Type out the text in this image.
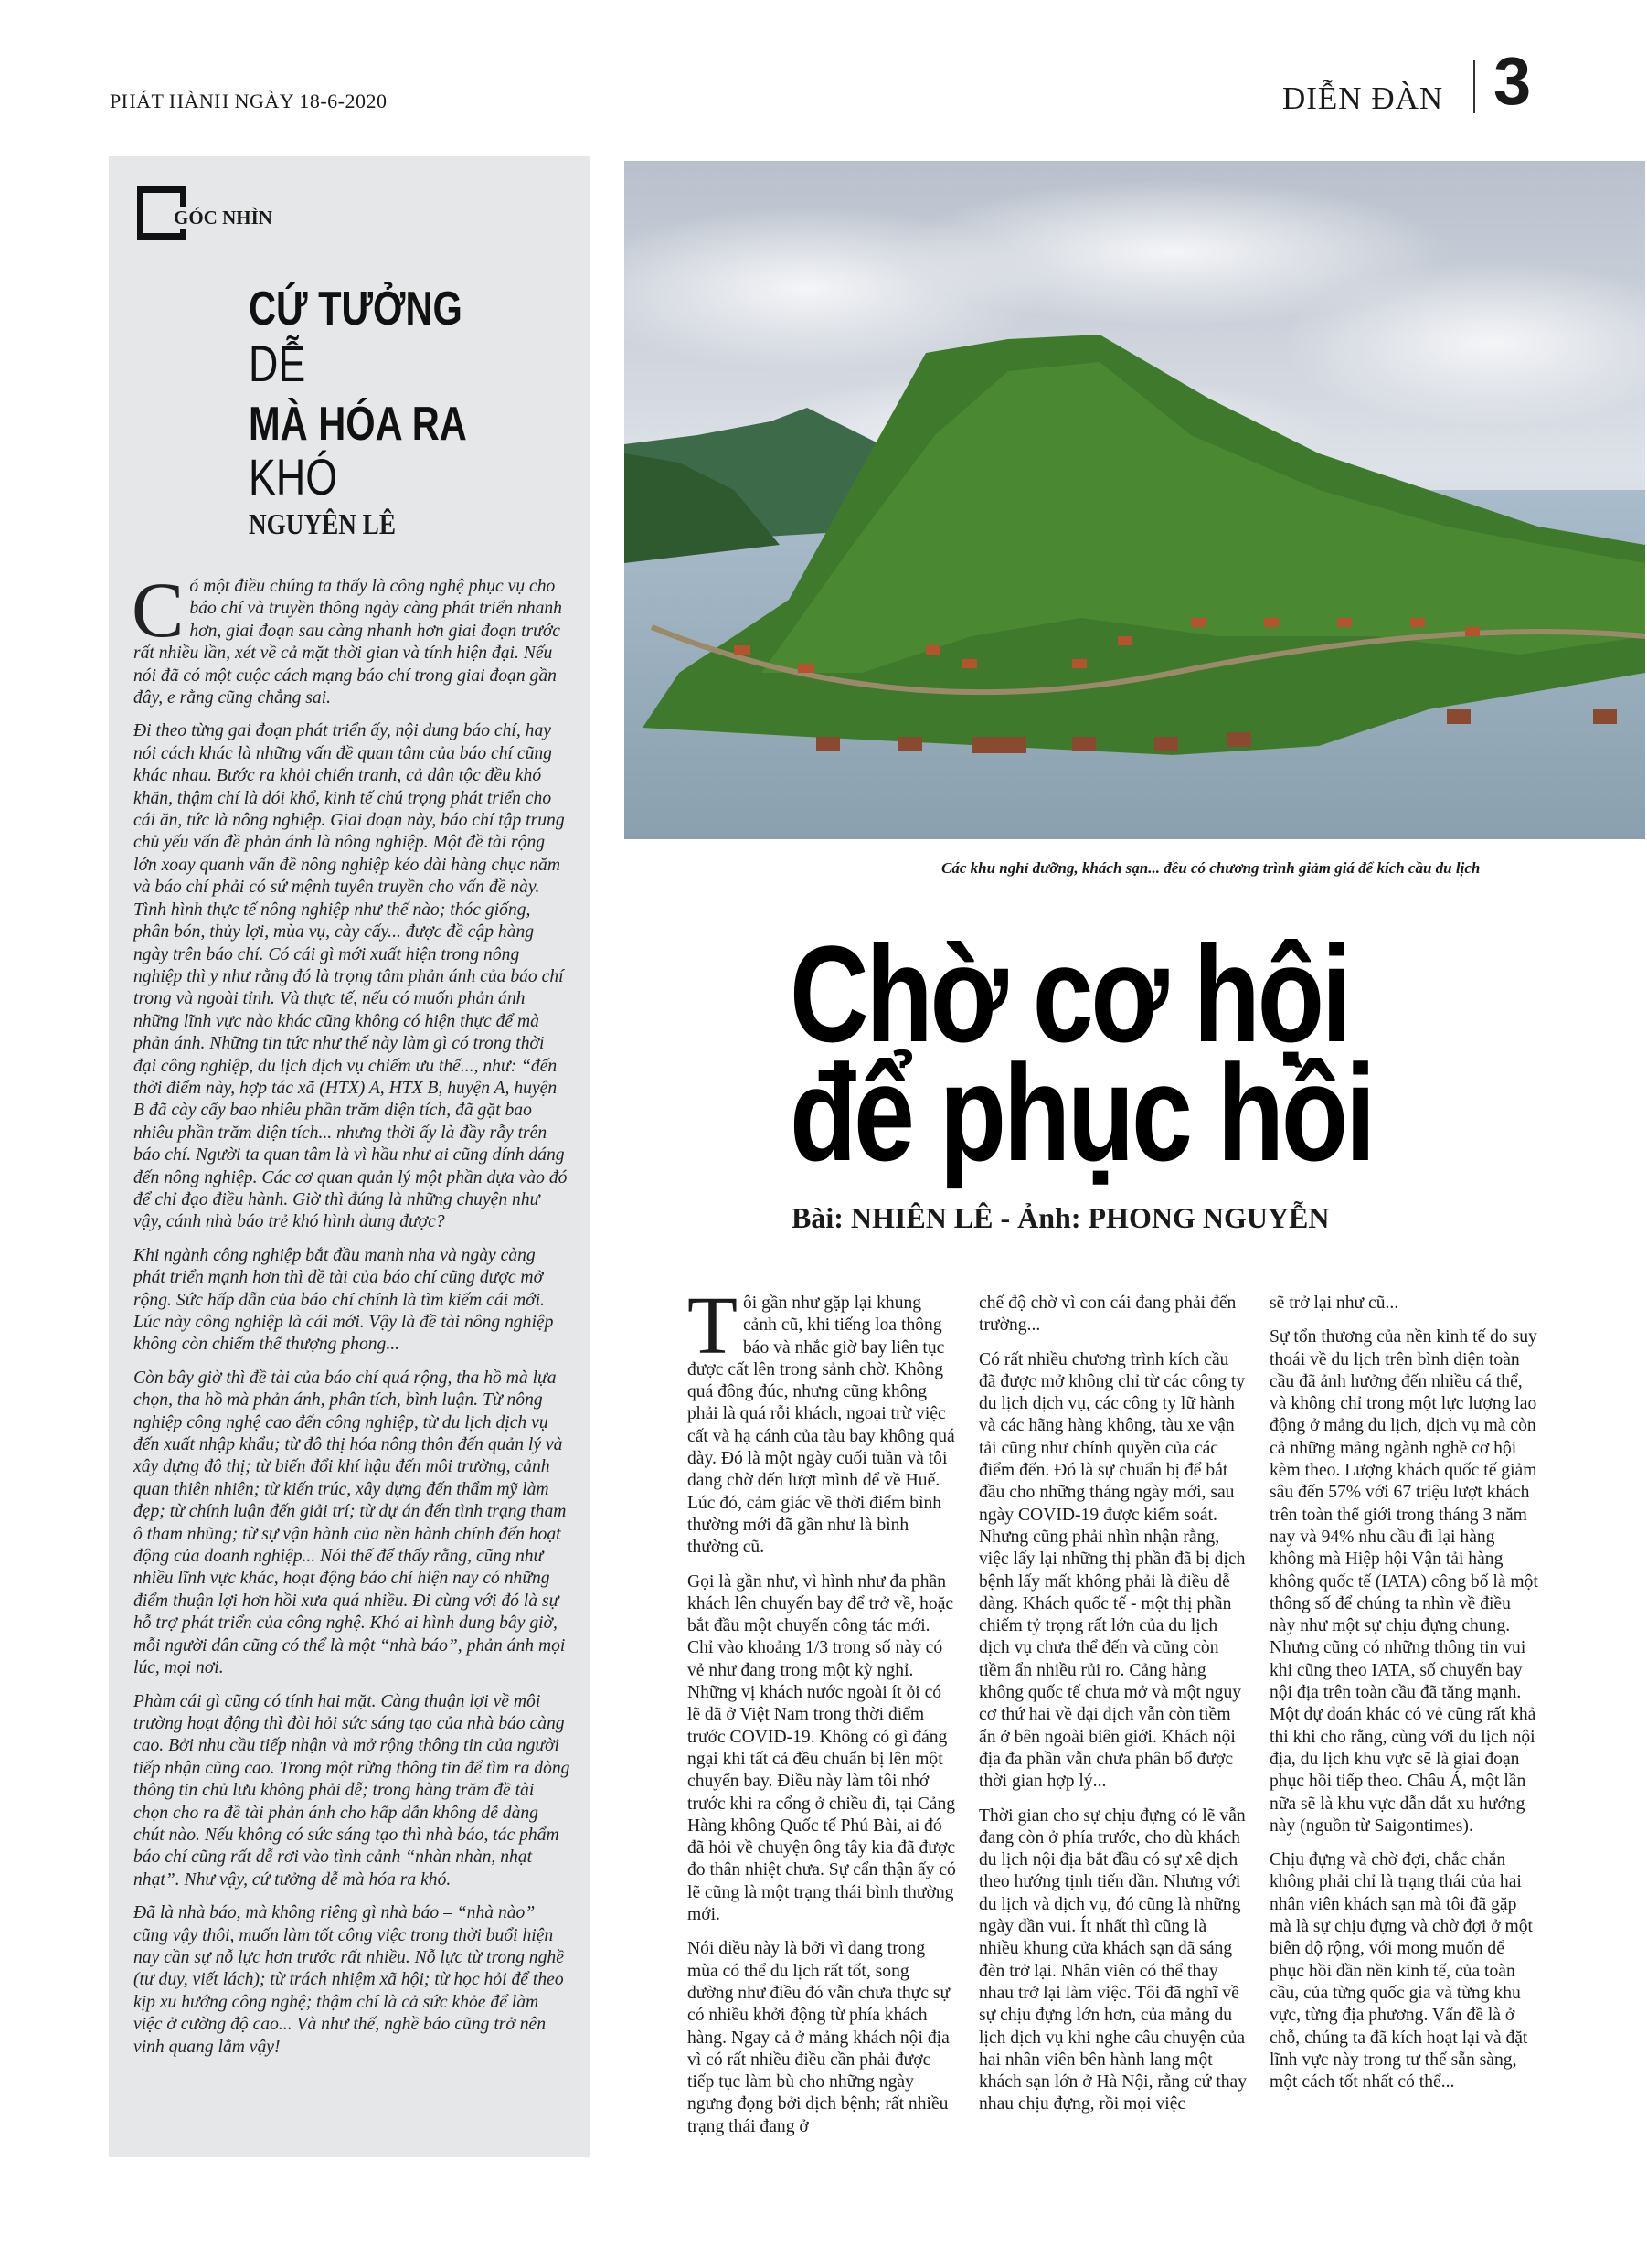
PHÁT HÀNH NGÀY 18-6-2020	DIỄN ĐÀN 3
GÓC NHÌN
CỨ TƯỞNG
DỄ
MÀ HÓA RA
KHÓ
NGUYÊN LÊ

Có một điều chúng ta thấy là công nghệ phục vụ cho báo chí và truyền thông ngày càng phát triển nhanh hơn, giai đoạn sau càng nhanh hơn giai đoạn trước rất nhiều lần, xét về cả mặt thời gian và tính hiện đại. Nếu nói đã có một cuộc cách mạng báo chí trong giai đoạn gần đây, e rằng cũng chẳng sai.

Đi theo từng gai đoạn phát triển ấy, nội dung báo chí, hay nói cách khác là những vấn đề quan tâm của báo chí cũng khác nhau. Bước ra khỏi chiến tranh, cả dân tộc đều khó khăn, thậm chí là đói khổ, kinh tế chú trọng phát triển cho cái ăn, tức là nông nghiệp. Giai đoạn này, báo chí tập trung chủ yếu vấn đề phản ánh là nông nghiệp. Một đề tài rộng lớn xoay quanh vấn đề nông nghiệp kéo dài hàng chục năm và báo chí phải có sứ mệnh tuyên truyền cho vấn đề này. Tình hình thực tế nông nghiệp như thế nào; thóc giống, phân bón, thủy lợi, mùa vụ, cày cấy... được đề cập hàng ngày trên báo chí. Có cái gì mới xuất hiện trong nông nghiệp thì y như rằng đó là trọng tâm phản ánh của báo chí trong và ngoài tỉnh. Và thực tế, nếu có muốn phản ánh những lĩnh vực nào khác cũng không có hiện thực để mà phản ánh. Những tin tức như thế này làm gì có trong thời đại công nghiệp, du lịch dịch vụ chiếm ưu thế..., như: “đến thời điểm này, hợp tác xã (HTX) A, HTX B, huyện A, huyện B đã cày cấy bao nhiêu phần trăm diện tích, đã gặt bao nhiêu phần trăm diện tích... nhưng thời ấy là đầy rẫy trên báo chí. Người ta quan tâm là vì hầu như ai cũng dính dáng đến nông nghiệp. Các cơ quan quản lý một phần dựa vào đó để chỉ đạo điều hành. Giờ thì đúng là những chuyện như vậy, cánh nhà báo trẻ khó hình dung được?

Khi ngành công nghiệp bắt đầu manh nha và ngày càng phát triển mạnh hơn thì đề tài của báo chí cũng được mở rộng. Sức hấp dẫn của báo chí chính là tìm kiếm cái mới. Lúc này công nghiệp là cái mới. Vậy là đề tài nông nghiệp không còn chiếm thế thượng phong...

Còn bây giờ thì đề tài của báo chí quá rộng, tha hồ mà lựa chọn, tha hồ mà phản ánh, phân tích, bình luận. Từ nông nghiệp công nghệ cao đến công nghiệp, từ du lịch dịch vụ đến xuất nhập khẩu; từ đô thị hóa nông thôn đến quản lý và xây dựng đô thị; từ biến đổi khí hậu đến môi trường, cảnh quan thiên nhiên; từ kiến trúc, xây dựng đến thẩm mỹ làm đẹp; từ chính luận đến giải trí; từ dự án đến tình trạng tham ô tham nhũng; từ sự vận hành của nền hành chính đến hoạt động của doanh nghiệp... Nói thế để thấy rằng, cũng như nhiều lĩnh vực khác, hoạt động báo chí hiện nay có những điểm thuận lợi hơn hồi xưa quá nhiều. Đi cùng với đó là sự hỗ trợ phát triển của công nghệ. Khó ai hình dung bây giờ, mỗi người dân cũng có thể là một “nhà báo”, phản ánh mọi lúc, mọi nơi.

Phàm cái gì cũng có tính hai mặt. Càng thuận lợi về môi trường hoạt động thì đòi hỏi sức sáng tạo của nhà báo càng cao. Bởi nhu cầu tiếp nhận và mở rộng thông tin của người tiếp nhận cũng cao. Trong một rừng thông tin để tìm ra dòng thông tin chủ lưu không phải dễ; trong hàng trăm đề tài chọn cho ra đề tài phản ánh cho hấp dẫn không dễ dàng chút nào. Nếu không có sức sáng tạo thì nhà báo, tác phẩm báo chí cũng rất dễ rơi vào tình cảnh “nhàn nhàn, nhạt nhạt”. Như vậy, cứ tưởng dễ mà hóa ra khó.

Đã là nhà báo, mà không riêng gì nhà báo – “nhà nào” cũng vậy thôi, muốn làm tốt công việc trong thời buổi hiện nay cần sự nỗ lực hơn trước rất nhiều. Nỗ lực từ trong nghề (tư duy, viết lách); từ trách nhiệm xã hội; từ học hỏi để theo kịp xu hướng công nghệ; thậm chí là cả sức khỏe để làm việc ở cường độ cao... Và như thế, nghề báo cũng trở nên vinh quang lắm vậy!

Các khu nghỉ dưỡng, khách sạn... đều có chương trình giảm giá để kích cầu du lịch
Chờ cơ hội
để phục hồi
Bài: NHIÊN LÊ - Ảnh: PHONG NGUYỄN

Tôi gần như gặp lại khung cảnh cũ, khi tiếng loa thông báo và nhắc giờ bay liên tục được cất lên trong sảnh chờ. Không quá đông đúc, nhưng cũng không phải là quá rỗi khách, ngoại trừ việc cất và hạ cánh của tàu bay không quá dày. Đó là một ngày cuối tuần và tôi đang chờ đến lượt mình để về Huế. Lúc đó, cảm giác về thời điểm bình thường mới đã gần như là bình thường cũ.

Gọi là gần như, vì hình như đa phần khách lên chuyến bay để trở về, hoặc bắt đầu một chuyến công tác mới. Chỉ vào khoảng 1/3 trong số này có vẻ như đang trong một kỳ nghỉ. Những vị khách nước ngoài ít ỏi có lẽ đã ở Việt Nam trong thời điểm trước COVID-19. Không có gì đáng ngại khi tất cả đều chuẩn bị lên một chuyến bay. Điều này làm tôi nhớ trước khi ra cổng ở chiều đi, tại Cảng Hàng không Quốc tế Phú Bài, ai đó đã hỏi về chuyện ông tây kia đã được đo thân nhiệt chưa. Sự cẩn thận ấy có lẽ cũng là một trạng thái bình thường mới.

Nói điều này là bởi vì đang trong mùa có thể du lịch rất tốt, song dường như điều đó vẫn chưa thực sự có nhiều khởi động từ phía khách hàng. Ngay cả ở mảng khách nội địa vì có rất nhiều điều cần phải được tiếp tục làm bù cho những ngày ngưng đọng bởi dịch bệnh; rất nhiều trạng thái đang ở

chế độ chờ vì con cái đang phải đến trường...

Có rất nhiều chương trình kích cầu đã được mở không chỉ từ các công ty du lịch dịch vụ, các công ty lữ hành và các hãng hàng không, tàu xe vận tải cũng như chính quyền của các điểm đến. Đó là sự chuẩn bị để bắt đầu cho những tháng ngày mới, sau ngày COVID-19 được kiểm soát. Nhưng cũng phải nhìn nhận rằng, việc lấy lại những thị phần đã bị dịch bệnh lấy mất không phải là điều dễ dàng. Khách quốc tế - một thị phần chiếm tỷ trọng rất lớn của du lịch dịch vụ chưa thể đến và cũng còn tiềm ẩn nhiều rủi ro. Cảng hàng không quốc tế chưa mở và một nguy cơ thứ hai về đại dịch vẫn còn tiềm ẩn ở bên ngoài biên giới. Khách nội địa đa phần vẫn chưa phân bổ được thời gian hợp lý...

Thời gian cho sự chịu đựng có lẽ vẫn đang còn ở phía trước, cho dù khách du lịch nội địa bắt đầu có sự xê dịch theo hướng tịnh tiến dần. Nhưng với du lịch và dịch vụ, đó cũng là những ngày dần vui. Ít nhất thì cũng là nhiều khung cửa khách sạn đã sáng đèn trở lại. Nhân viên có thể thay nhau trở lại làm việc. Tôi đã nghĩ về sự chịu đựng lớn hơn, của mảng du lịch dịch vụ khi nghe câu chuyện của hai nhân viên bên hành lang một khách sạn lớn ở Hà Nội, rằng cứ thay nhau chịu đựng, rồi mọi việc

sẽ trở lại như cũ...

Sự tổn thương của nền kinh tế do suy thoái về du lịch trên bình diện toàn cầu đã ảnh hưởng đến nhiều cá thể, và không chỉ trong một lực lượng lao động ở mảng du lịch, dịch vụ mà còn cả những mảng ngành nghề cơ hội kèm theo. Lượng khách quốc tế giảm sâu đến 57% với 67 triệu lượt khách trên toàn thế giới trong tháng 3 năm nay và 94% nhu cầu đi lại hàng không mà Hiệp hội Vận tải hàng không quốc tế (IATA) công bố là một thông số để chúng ta nhìn về điều này như một sự chịu đựng chung. Nhưng cũng có những thông tin vui khi cũng theo IATA, số chuyến bay nội địa trên toàn cầu đã tăng mạnh. Một dự đoán khác có vẻ cũng rất khả thi khi cho rằng, cùng với du lịch nội địa, du lịch khu vực sẽ là giai đoạn phục hồi tiếp theo. Châu Á, một lần nữa sẽ là khu vực dẫn dắt xu hướng này (nguồn từ Saigontimes).

Chịu đựng và chờ đợi, chắc chắn không phải chỉ là trạng thái của hai nhân viên khách sạn mà tôi đã gặp mà là sự chịu đựng và chờ đợi ở một biên độ rộng, với mong muốn để phục hồi dần nền kinh tế, của toàn cầu, của từng quốc gia và từng khu vực, từng địa phương. Vấn đề là ở chỗ, chúng ta đã kích hoạt lại và đặt lĩnh vực này trong tư thế sẵn sàng, một cách tốt nhất có thể...
